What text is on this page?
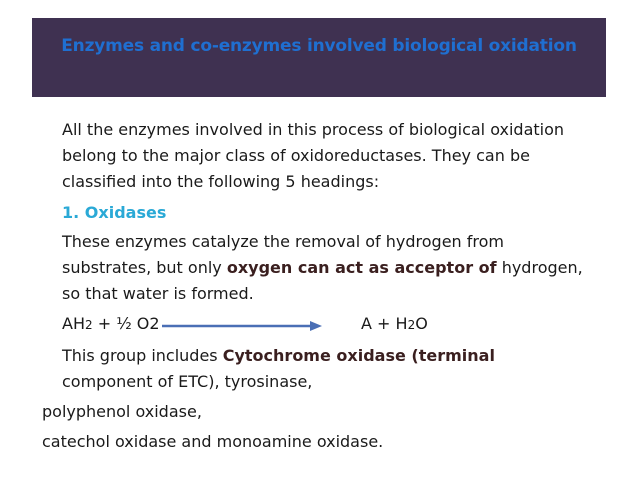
Enzymes and co-enzymes involved biological oxidation
All the enzymes involved in this process of biological oxidation
belong to the major class of oxidoreductases. They can be
classified into the following 5 headings:
1. Oxidases
These enzymes catalyze the removal of hydrogen from
substrates, but only oxygen can act as acceptor of hydrogen,
so that water is formed.
AH2 + ½ O2	A + H2O
This group includes Cytochrome oxidase (terminal
component of ETC), tyrosinase,
polyphenol oxidase,
catechol oxidase and monoamine oxidase.
